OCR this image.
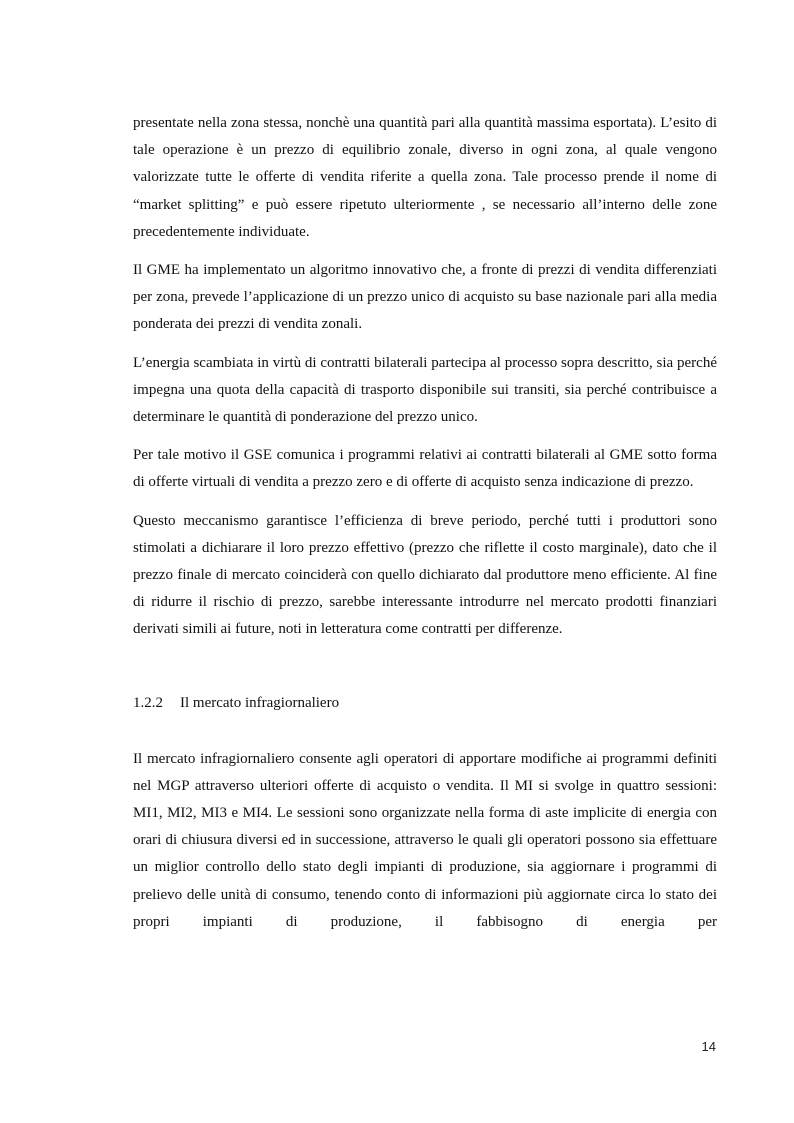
presentate nella zona stessa, nonchè una quantità pari alla quantità massima esportata). L’esito di tale operazione è un prezzo di equilibrio zonale, diverso in ogni zona, al quale vengono valorizzate tutte le offerte di vendita riferite a quella zona. Tale processo prende il nome di “market splitting” e può essere ripetuto ulteriormente , se necessario all’interno delle zone precedentemente individuate.

Il GME ha implementato un algoritmo innovativo che, a fronte di prezzi di vendita differenziati per zona, prevede l’applicazione di un prezzo unico di acquisto su base nazionale pari alla media ponderata dei prezzi di vendita zonali.

L’energia scambiata in virtù di contratti bilaterali partecipa al processo sopra descritto, sia perché impegna una quota della capacità di trasporto disponibile sui transiti, sia perché contribuisce a determinare le quantità di ponderazione del prezzo unico.

Per tale motivo il GSE comunica i programmi relativi ai contratti bilaterali al GME sotto forma di offerte virtuali di vendita a prezzo zero e di offerte di acquisto senza indicazione di prezzo.

Questo meccanismo garantisce l’efficienza di breve periodo, perché tutti i produttori sono stimolati a dichiarare il loro prezzo effettivo (prezzo che riflette il costo marginale), dato che il prezzo finale di mercato coinciderà con quello dichiarato dal produttore meno efficiente. Al fine di ridurre il rischio di prezzo, sarebbe interessante introdurre nel mercato prodotti finanziari derivati simili ai future, noti in letteratura come contratti per differenze.

1.2.2	Il mercato infragiornaliero

Il mercato infragiornaliero consente agli operatori di apportare modifiche ai programmi definiti nel MGP attraverso ulteriori offerte di acquisto o vendita. Il MI si svolge in quattro sessioni: MI1, MI2, MI3 e MI4. Le sessioni sono organizzate nella forma di aste implicite di energia con orari di chiusura diversi ed in successione, attraverso le quali gli operatori possono sia effettuare un miglior controllo dello stato degli impianti di produzione, sia aggiornare i programmi di prelievo delle unità di consumo, tenendo conto di informazioni più aggiornate circa lo stato dei propri impianti di produzione, il fabbisogno di energia per

14
